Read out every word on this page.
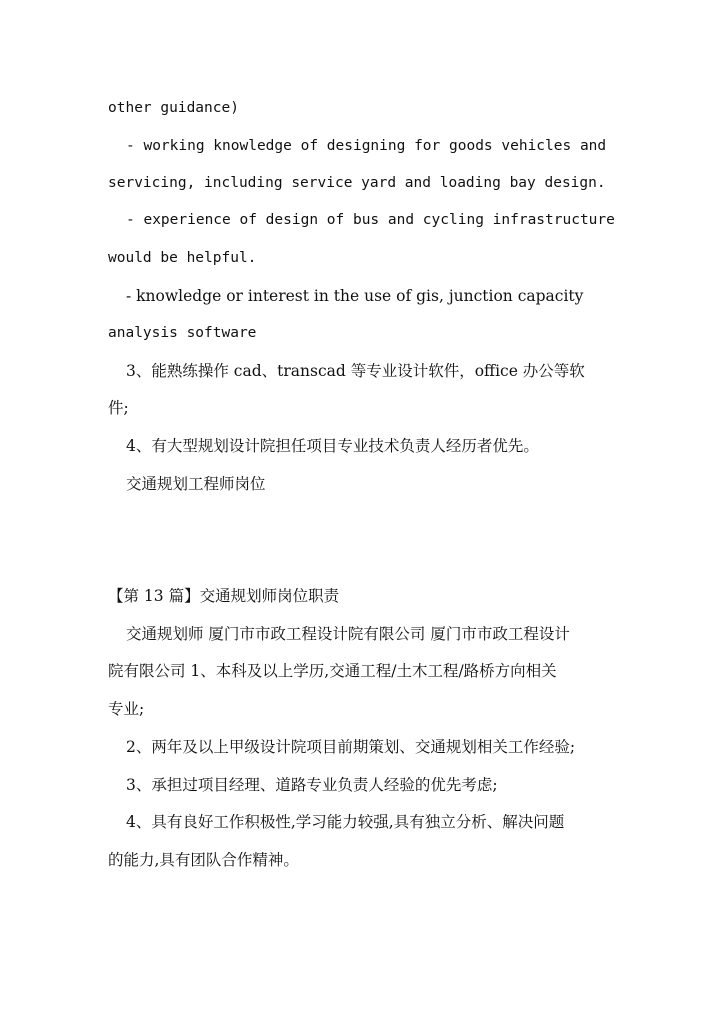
other guidance)
- working knowledge of designing for goods vehicles and
servicing, including service yard and loading bay design.
- experience of design of bus and cycling infrastructure
would be helpful.
- knowledge or interest in the use of gis, junction capacity
analysis software
3、能熟练操作 cad、transcad 等专业设计软件，office 办公等软
件;
4、有大型规划设计院担任项目专业技术负责人经历者优先。
交通规划工程师岗位
【第 13 篇】交通规划师岗位职责
交通规划师 厦门市市政工程设计院有限公司 厦门市市政工程设计
院有限公司 1、本科及以上学历,交通工程/土木工程/路桥方向相关
专业;
2、两年及以上甲级设计院项目前期策划、交通规划相关工作经验;
3、承担过项目经理、道路专业负责人经验的优先考虑;
4、具有良好工作积极性,学习能力较强,具有独立分析、解决问题
的能力,具有团队合作精神。
